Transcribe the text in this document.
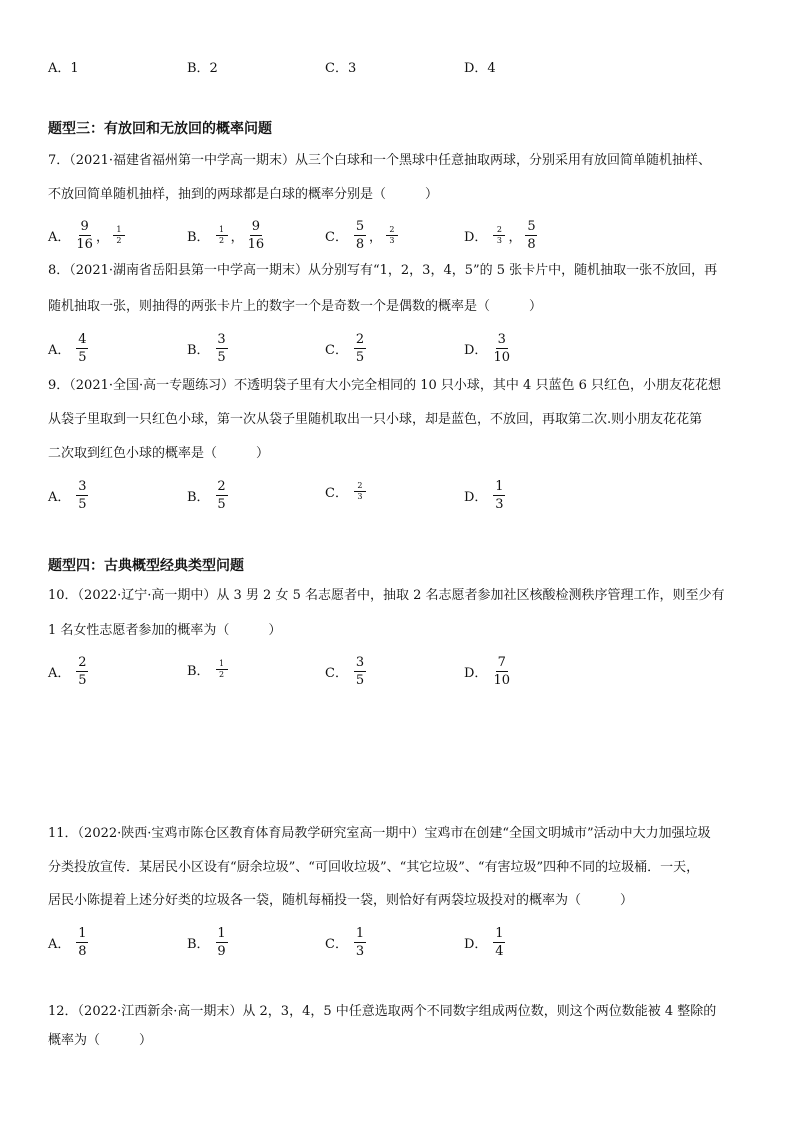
A．1	B．2	C．3	D．4
题型三：有放回和无放回的概率问题
7．（2021·福建省福州第一中学高一期末）从三个白球和一个黑球中任意抽取两球，分别采用有放回简单随机抽样、
不放回简单随机抽样，抽到的两球都是白球的概率分别是（　　　）
A． $\frac{9}{16}$ ， $\frac{1}{2}$	B． $\frac{1}{2}$ ， $\frac{9}{16}$	C． $\frac{5}{8}$ ， $\frac{2}{3}$	D． $\frac{2}{3}$ ， $\frac{5}{8}$
8．（2021·湖南省岳阳县第一中学高一期末）从分别写有“1，2，3，4，5”的 5 张卡片中，随机抽取一张不放回，再
随机抽取一张，则抽得的两张卡片上的数字一个是奇数一个是偶数的概率是（　　　）
A． $\frac{4}{5}$	B． $\frac{3}{5}$	C． $\frac{2}{5}$	D． $\frac{3}{10}$
9．（2021·全国·高一专题练习）不透明袋子里有大小完全相同的 10 只小球，其中 4 只蓝色 6 只红色，小朋友花花想
从袋子里取到一只红色小球，第一次从袋子里随机取出一只小球，却是蓝色，不放回，再取第二次.则小朋友花花第
二次取到红色小球的概率是（　　　）
A． $\frac{3}{5}$	B． $\frac{2}{5}$	C． $\frac{2}{3}$	D． $\frac{1}{3}$
题型四：古典概型经典类型问题
10．（2022·辽宁·高一期中）从 3 男 2 女 5 名志愿者中，抽取 2 名志愿者参加社区核酸检测秩序管理工作，则至少有
1 名女性志愿者参加的概率为（　　　）
A． $\frac{2}{5}$	B． $\frac{1}{2}$	C． $\frac{3}{5}$	D． $\frac{7}{10}$
11．（2022·陕西·宝鸡市陈仓区教育体育局教学研究室高一期中）宝鸡市在创建“全国文明城市”活动中大力加强垃圾
分类投放宣传．某居民小区设有“厨余垃圾”、“可回收垃圾”、“其它垃圾”、“有害垃圾”四种不同的垃圾桶．一天，
居民小陈提着上述分好类的垃圾各一袋，随机每桶投一袋，则恰好有两袋垃圾投对的概率为（　　　）
A． $\frac{1}{8}$	B． $\frac{1}{9}$	C． $\frac{1}{3}$	D． $\frac{1}{4}$
12．（2022·江西新余·高一期末）从 2，3，4，5 中任意选取两个不同数字组成两位数，则这个两位数能被 4 整除的
概率为（　　　）
